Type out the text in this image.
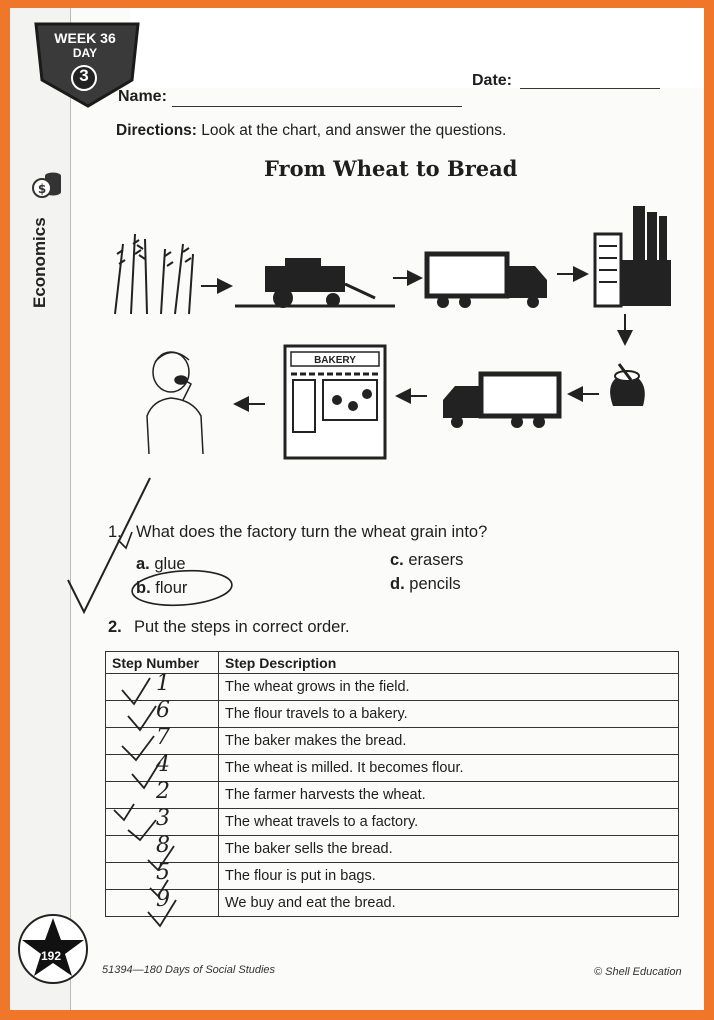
$
Economics
WEEK 36
DAY
3
Name:
Date:
Directions: Look at the chart, and answer the questions.
From Wheat to Bread
BAKERY
1. What does the factory turn the wheat grain into?
a. glue
b. flour
c. erasers
d. pencils
2. Put the steps in correct order.
Step Number	Step Description

1	The wheat grows in the field.

6	The flour travels to a bakery.

7	The baker makes the bread.

4	The wheat is milled. It becomes flour.

2	The farmer harvests the wheat.

3	The wheat travels to a factory.

8	The baker sells the bread.

5	The flour is put in bags.

9	We buy and eat the bread.
192
51394—180 Days of Social Studies	© Shell Education
